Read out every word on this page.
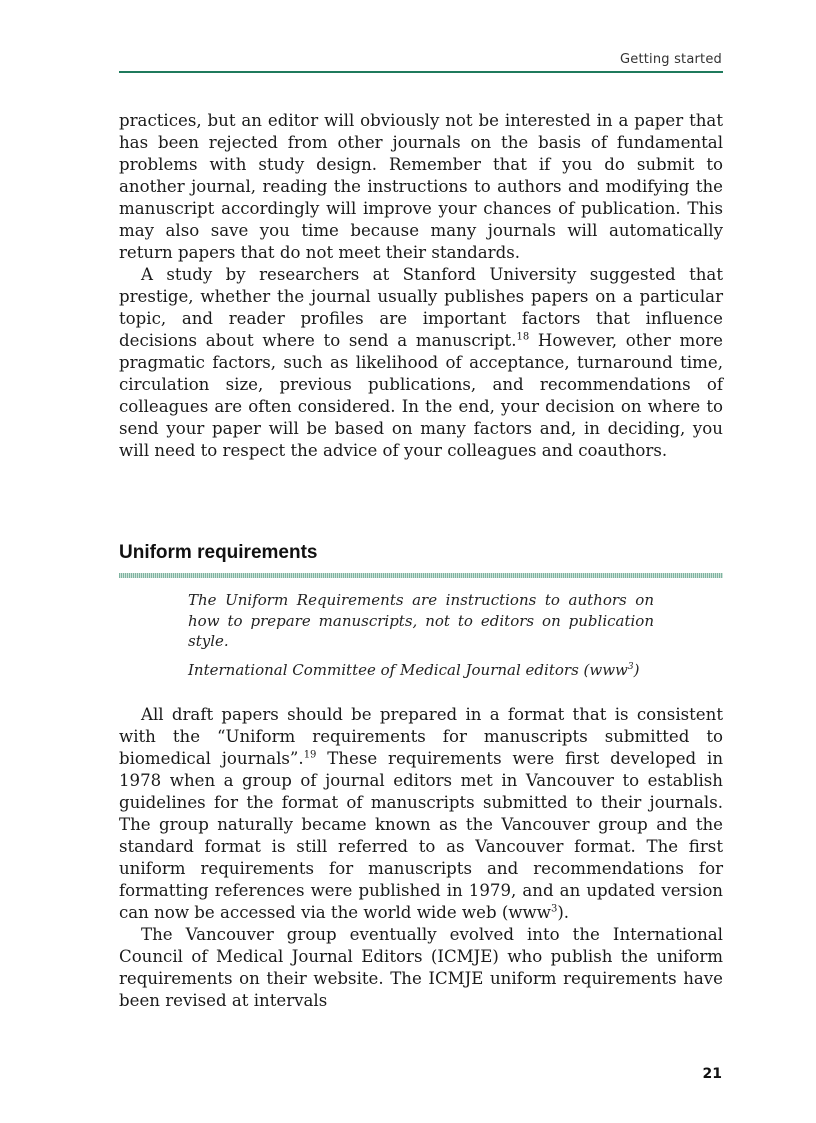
Getting started

practices, but an editor will obviously not be interested in a paper that has been rejected from other journals on the basis of fundamental problems with study design. Remember that if you do submit to another journal, reading the instructions to authors and modifying the manuscript accordingly will improve your chances of publication. This may also save you time because many journals will automatically return papers that do not meet their standards.

A study by researchers at Stanford University suggested that prestige, whether the journal usually publishes papers on a particular topic, and reader profiles are important factors that influence decisions about where to send a manuscript.$^{18}$ However, other more pragmatic factors, such as likelihood of acceptance, turnaround time, circulation size, previous publications, and recommendations of colleagues are often considered. In the end, your decision on where to send your paper will be based on many factors and, in deciding, you will need to respect the advice of your colleagues and coauthors.

Uniform requirements

The Uniform Requirements are instructions to authors on how to prepare manuscripts, not to editors on publication style.

International Committee of Medical Journal editors (www$^3$)

All draft papers should be prepared in a format that is consistent with the “Uniform requirements for manuscripts submitted to biomedical journals”.$^{19}$ These requirements were first developed in 1978 when a group of journal editors met in Vancouver to establish guidelines for the format of manuscripts submitted to their journals. The group naturally became known as the Vancouver group and the standard format is still referred to as Vancouver format. The first uniform requirements for manuscripts and recommendations for formatting references were published in 1979, and an updated version can now be accessed via the world wide web (www$^3$).

The Vancouver group eventually evolved into the International Council of Medical Journal Editors (ICMJE) who publish the uniform requirements on their website. The ICMJE uniform requirements have been revised at intervals

21
